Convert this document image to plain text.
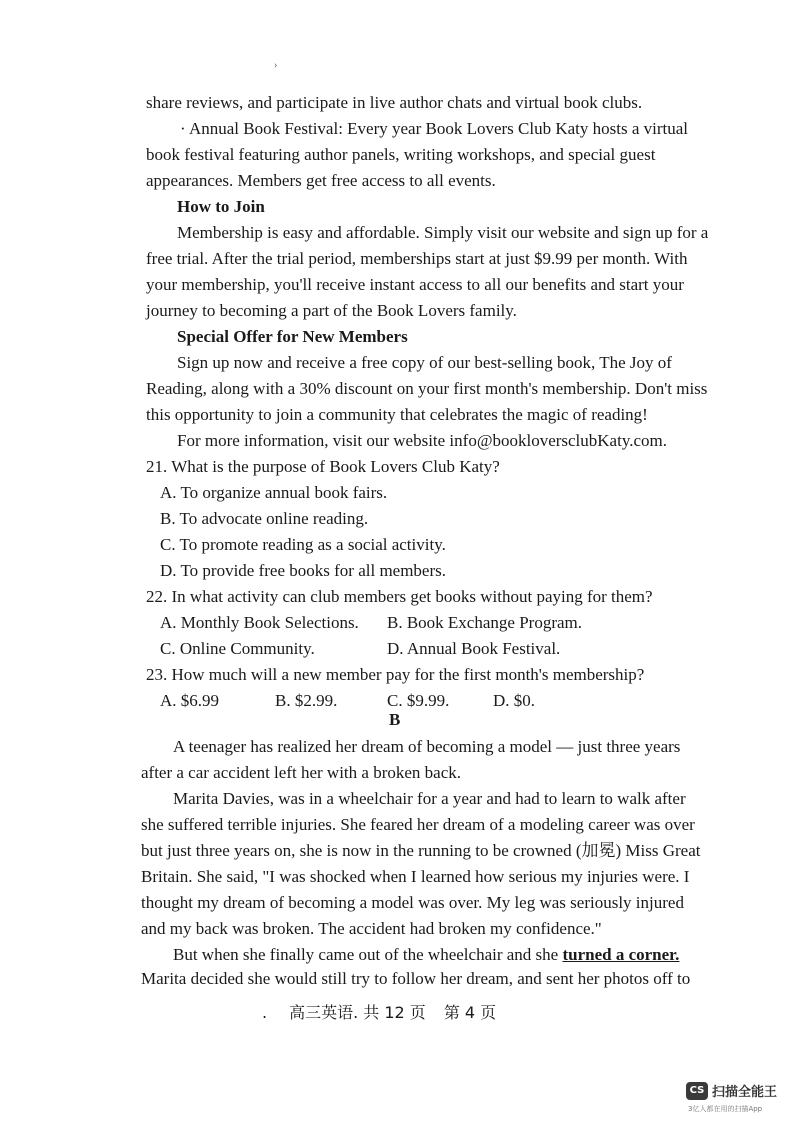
›
share reviews, and participate in live author chats and virtual book clubs.
· Annual Book Festival: Every year Book Lovers Club Katy hosts a virtual
book festival featuring author panels, writing workshops, and special guest
appearances. Members get free access to all events.
How to Join
Membership is easy and affordable. Simply visit our website and sign up for a
free trial. After the trial period, memberships start at just $9.99 per month. With
your membership, you'll receive instant access to all our benefits and start your
journey to becoming a part of the Book Lovers family.
Special Offer for New Members
Sign up now and receive a free copy of our best-selling book, The Joy of
Reading, along with a 30% discount on your first month's membership. Don't miss
this opportunity to join a community that celebrates the magic of reading!
For more information, visit our website info@bookloversclubKaty.com.
21. What is the purpose of Book Lovers Club Katy?
A. To organize annual book fairs.
B. To advocate online reading.
C. To promote reading as a social activity.
D. To provide free books for all members.
22. In what activity can club members get books without paying for them?
A. Monthly Book Selections. B. Book Exchange Program.
C. Online Community.	D. Annual Book Festival.
23. How much will a new member pay for the first month's membership?
A. $6.99	B. $2.99.	C. $9.99.	D. $0.
B
A teenager has realized her dream of becoming a model — just three years
after a car accident left her with a broken back.
Marita Davies, was in a wheelchair for a year and had to learn to walk after
she suffered terrible injuries. She feared her dream of a modeling career was over
but just three years on, she is now in the running to be crowned (加冕) Miss Great
Britain. She said, "I was shocked when I learned how serious my injuries were. I
thought my dream of becoming a model was over. My leg was seriously injured
and my back was broken. The accident had broken my confidence."
But when she finally came out of the wheelchair and she turned a corner.
Marita decided she would still try to follow her dream, and sent her photos off to
. 高三英语. 共 12 页 第 4 页
CS 扫描全能王
3亿人都在用的扫描App
